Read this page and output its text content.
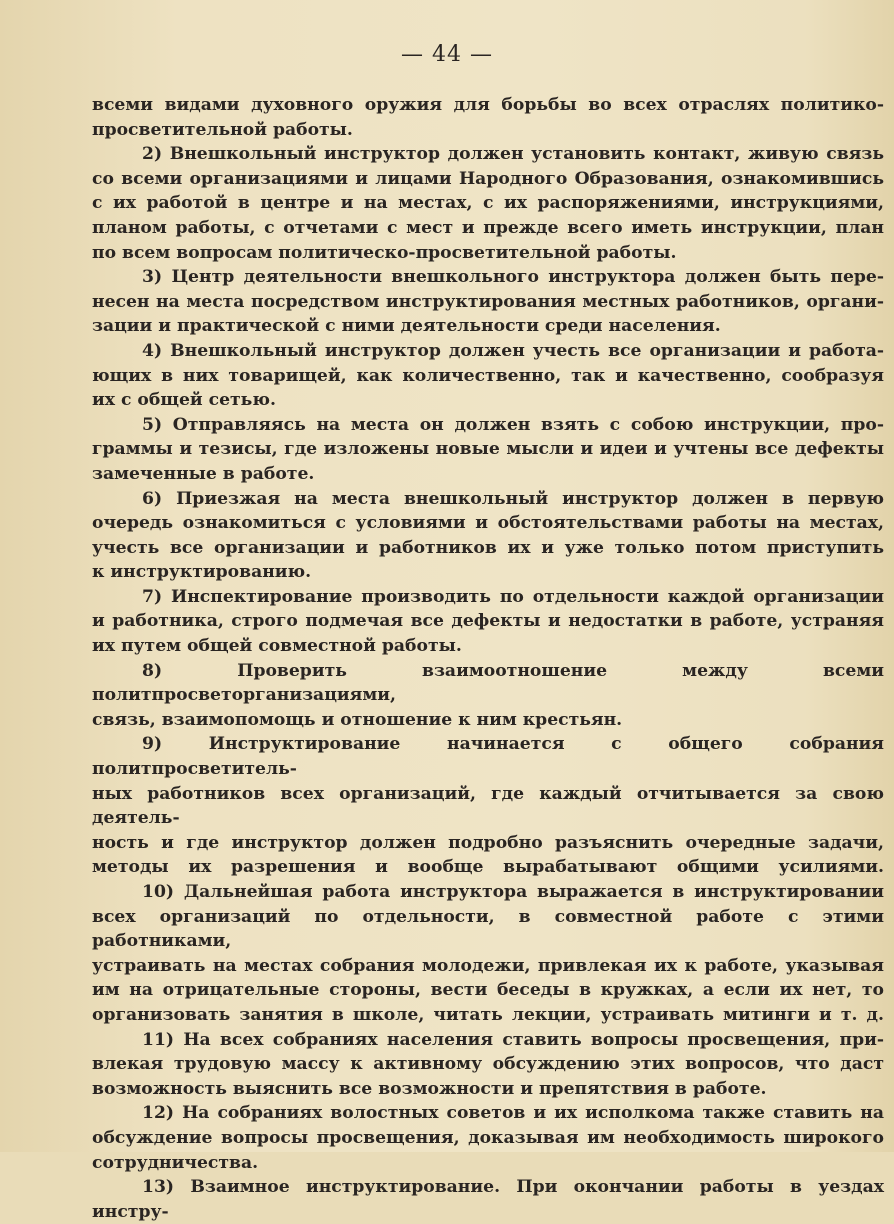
— 44 —

всеми видами духовного оружия для борьбы во всех отраслях политико-

просветительной работы.

2) Внешкольный инструктор должен установить контакт, живую связь

со всеми организациями и лицами Народного Образования, ознакомившись

с их работой в центре и на местах, с их распоряжениями, инструкциями,

планом работы, с отчетами с мест и прежде всего иметь инструкции, план

по всем вопросам политическо-просветительной работы.

3) Центр деятельности внешкольного инструктора должен быть пере-

несен на места посредством инструктирования местных работников, органи-

зации и практической с ними деятельности среди населения.

4) Внешкольный инструктор должен учесть все организации и работа-

ющих в них товарищей, как количественно, так и качественно, сообразуя

их с общей сетью.

5) Отправляясь на места он должен взять с собою инструкции, про-

граммы и тезисы, где изложены новые мысли и идеи и учтены все дефекты

замеченные в работе.

6) Приезжая на места внешкольный инструктор должен в первую

очередь ознакомиться с условиями и обстоятельствами работы на местах,

учесть все организации и работников их и уже только потом приступить

к инструктированию.

7) Инспектирование производить по отдельности каждой организации

и работника, строго подмечая все дефекты и недостатки в работе, устраняя

их путем общей совместной работы.

8) Проверить взаимоотношение между всеми политпросветорганизациями,

связь, взаимопомощь и отношение к ним крестьян.

9) Инструктирование начинается с общего собрания политпросветитель-

ных работников всех организаций, где каждый отчитывается за свою деятель-

ность и где инструктор должен подробно разъяснить очередные задачи,

методы их разрешения и вообще вырабатывают общими усилиями.

10) Дальнейшая работа инструктора выражается в инструктировании

всех организаций по отдельности, в совместной работе с этими работниками,

устраивать на местах собрания молодежи, привлекая их к работе, указывая

им на отрицательные стороны, вести беседы в кружках, а если их нет, то

организовать занятия в школе, читать лекции, устраивать митинги и т. д.

11) На всех собраниях населения ставить вопросы просвещения, при-

влекая трудовую массу к активному обсуждению этих вопросов, что даст

возможность выяснить все возможности и препятствия в работе.

12) На собраниях волостных советов и их исполкома также ставить на

обсуждение вопросы просвещения, доказывая им необходимость широкого

сотрудничества.

13) Взаимное инструктирование. При окончании работы в уездах инстру-
